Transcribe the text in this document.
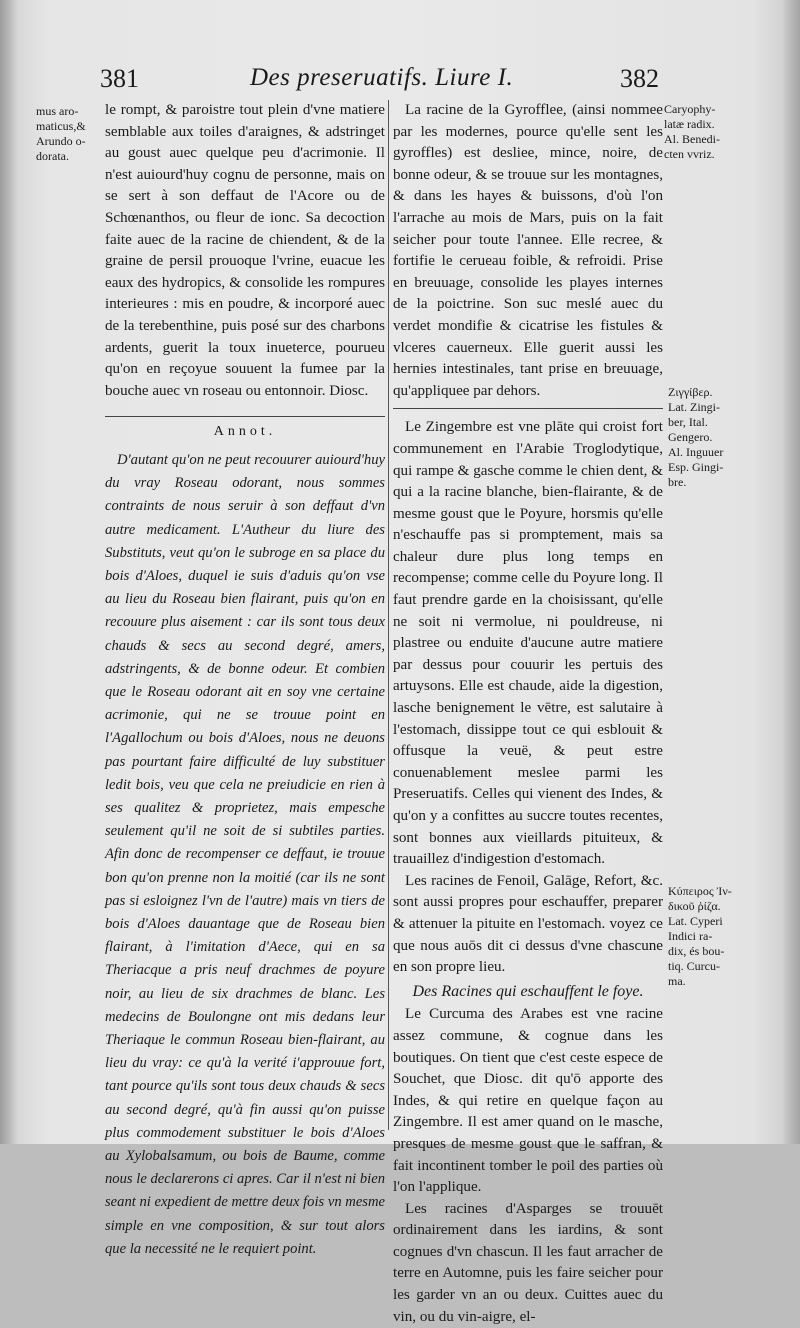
381	Des preseruatifs. Liure I.	382
mus aro-
maticus,&
Arundo o-
dorata.

le rompt, & paroistre tout plein d'vne matiere semblable aux toiles d'araignes, & adstringet au goust auec quelque peu d'acrimonie. Il n'est auiourd'huy cognu de personne, mais on se sert à son deffaut de l'Acore ou de Schœnanthos, ou fleur de ionc. Sa decoction faite auec de la racine de chiendent, & de la graine de persil prouoque l'vrine, euacue les eaux des hydropics, & consolide les rompures interieures : mis en poudre, & incorporé auec de la terebenthine, puis posé sur des charbons ardents, guerit la toux inueterce, pourueu qu'on en reçoyue souuent la fumee par la bouche auec vn roseau ou entonnoir. Diosc.

Annot.

D'autant qu'on ne peut recouurer auiourd'huy du vray Roseau odorant, nous sommes contraints de nous seruir à son deffaut d'vn autre medicament. L'Autheur du liure des Substituts, veut qu'on le subroge en sa place du bois d'Aloes, duquel ie suis d'aduis qu'on vse au lieu du Roseau bien flairant, puis qu'on en recouure plus aisement : car ils sont tous deux chauds & secs au second degré, amers, adstringents, & de bonne odeur. Et combien que le Roseau odorant ait en soy vne certaine acrimonie, qui ne se trouue point en l'Agallochum ou bois d'Aloes, nous ne deuons pas pourtant faire difficulté de luy substituer ledit bois, veu que cela ne preiudicie en rien à ses qualitez & proprietez, mais empesche seulement qu'il ne soit de si subtiles parties. Afin donc de recompenser ce deffaut, ie trouue bon qu'on prenne non la moitié (car ils ne sont pas si esloignez l'vn de l'autre) mais vn tiers de bois d'Aloes dauantage que de Roseau bien flairant, à l'imitation d'Aece, qui en sa Theriacque a pris neuf drachmes de poyure noir, au lieu de six drachmes de blanc. Les medecins de Boulongne ont mis dedans leur Theriaque le commun Roseau bien-flairant, au lieu du vray: ce qu'à la verité i'approuue fort, tant pource qu'ils sont tous deux chauds & secs au second degré, qu'à fin aussi qu'on puisse plus commodement substituer le bois d'Aloes au Xylobalsamum, ou bois de Baume, comme nous le declarerons ci apres. Car il n'est ni bien seant ni expedient de mettre deux fois vn mesme simple en vne composition, & sur tout alors que la necessité ne le requiert point.

La racine de la Gyrofflee, (ainsi nommee par les modernes, pource qu'elle sent les gyroffles) est desliee, mince, noire, de bonne odeur, & se trouue sur les montagnes, & dans les hayes & buissons, d'où l'on l'arrache au mois de Mars, puis on la fait seicher pour toute l'annee. Elle recree, & fortifie le cerueau foible, & refroidi. Prise en breuuage, consolide les playes internes de la poictrine. Son suc meslé auec du verdet mondifie & cicatrise les fistules & vlceres cauerneux. Elle guerit aussi les hernies intestinales, tant prise en breuuage, qu'appliquee par dehors.

Le Zingembre est vne plāte qui croist fort communement en l'Arabie Troglodytique, qui rampe & gasche comme le chien dent, & qui a la racine blanche, bien-flairante, & de mesme goust que le Poyure, horsmis qu'elle n'eschauffe pas si promptement, mais sa chaleur dure plus long temps en recompense; comme celle du Poyure long. Il faut prendre garde en la choisissant, qu'elle ne soit ni vermolue, ni pouldreuse, ni plastree ou enduite d'aucune autre matiere par dessus pour couurir les pertuis des artuysons. Elle est chaude, aide la digestion, lasche benignement le vētre, est salutaire à l'estomach, dissippe tout ce qui esblouit & offusque la veuë, & peut estre conuenablement meslee parmi les Preseruatifs. Celles qui vienent des Indes, & qu'on y a confittes au succre toutes recentes, sont bonnes aux vieillards pituiteux, & trauaillez d'indigestion d'estomach.

Les racines de Fenoil, Galāge, Refort, &c. sont aussi propres pour eschauffer, preparer & attenuer la pituite en l'estomach. voyez ce que nous auōs dit ci dessus d'vne chascune en son propre lieu.

Des Racines qui eschauffent le foye.

Le Curcuma des Arabes est vne racine assez commune, & cognue dans les boutiques. On tient que c'est ceste espece de Souchet, que Diosc. dit qu'ō apporte des Indes, & qui retire en quelque façon au Zingembre. Il est amer quand on le masche, presques de mesme goust que le saffran, & fait incontinent tomber le poil des parties où l'on l'applique.

Les racines d'Asparges se trouuēt ordinairement dans les iardins, & sont cognues d'vn chascun. Il les faut arracher de terre en Automne, puis les faire seicher pour les garder vn an ou deux. Cuittes auec du vin, ou du vin-aigre, el-

Caryophy-
latæ radix.
Al. Benedi-
cten vvriz.
Ζιγγίβερ.
Lat. Zingi-
ber, Ital.
Gengero.
Al. Inguuer
Esp. Gingi-
bre.
Κύπειρος Ἰν-
δικοῦ ῥίζα.
Lat. Cyperi
Indici ra-
dix, és bou-
tiq. Curcu-
ma.
